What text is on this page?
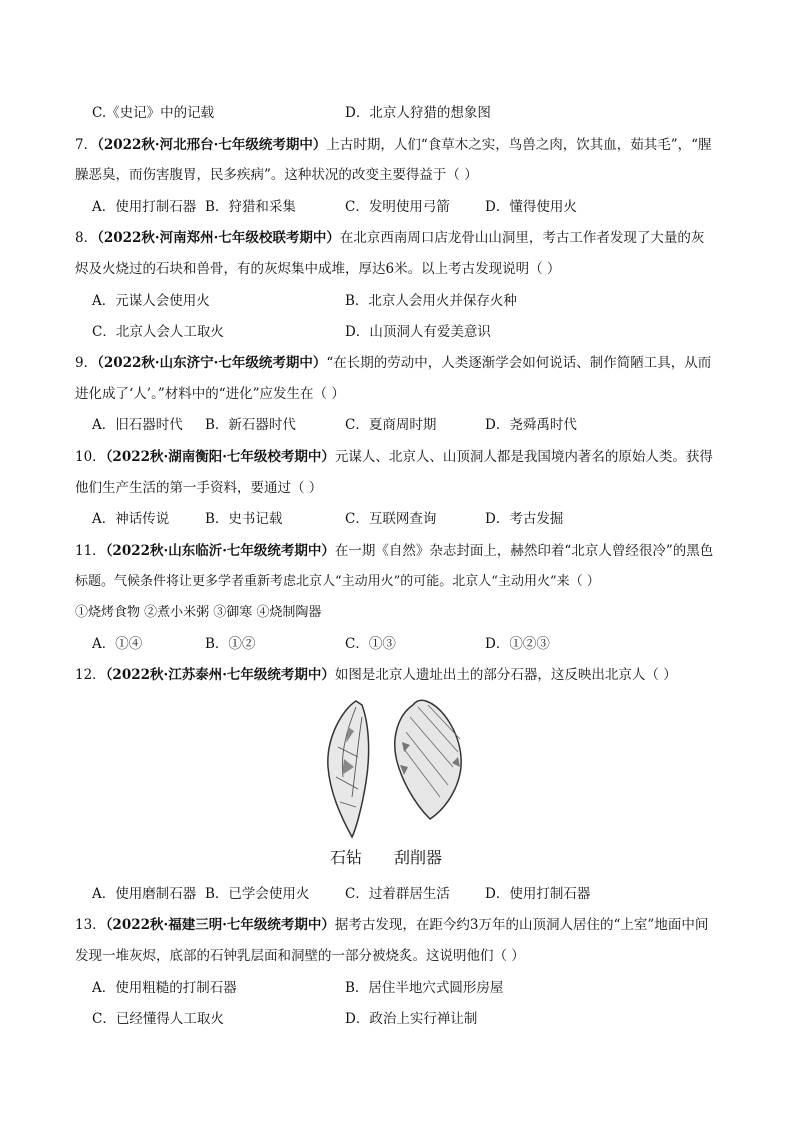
C.《史记》中的记载	D．北京人狩猎的想象图
7．（2022秋·河北邢台·七年级统考期中）上古时期，人们“食草木之实，鸟兽之肉，饮其血，茹其毛”，“腥
臊恶臭，而伤害腹胃，民多疾病”。这种状况的改变主要得益于（ ）
A．使用打制石器 B．狩猎和采集	C．发明使用弓箭	D．懂得使用火
8．（2022秋·河南郑州·七年级校联考期中）在北京西南周口店龙骨山山洞里，考古工作者发现了大量的灰
烬及火烧过的石块和兽骨，有的灰烬集中成堆，厚达6米。以上考古发现说明（ ）
A．元谋人会使用火	B．北京人会用火并保存火种
C．北京人会人工取火	D．山顶洞人有爱美意识
9．（2022秋·山东济宁·七年级统考期中）“在长期的劳动中，人类逐渐学会如何说话、制作简陋工具，从而
进化成了‘人’。”材料中的“进化”应发生在（ ）
A．旧石器时代 B．新石器时代	C．夏商周时期	D．尧舜禹时代
10．（2022秋·湖南衡阳·七年级校考期中）元谋人、北京人、山顶洞人都是我国境内著名的原始人类。获得
他们生产生活的第一手资料，要通过（ ）
A．神话传说	B．史书记载	C．互联网查询	D．考古发掘
11．（2022秋·山东临沂·七年级统考期中）在一期《自然》杂志封面上，赫然印着“北京人曾经很冷”的黑色
标题。气候条件将让更多学者重新考虑北京人“主动用火”的可能。北京人“主动用火”来（ ）
①烧烤食物 ②煮小米粥 ③御寒 ④烧制陶器
A．①④	B．①②	C．①③	D．①②③
12．（2022秋·江苏泰州·七年级统考期中）如图是北京人遗址出土的部分石器，这反映出北京人（ ）
石钻 刮削器
A．使用磨制石器 B．已学会使用火	C．过着群居生活	D．使用打制石器
13．（2022秋·福建三明·七年级统考期中）据考古发现，在距今约3万年的山顶洞人居住的“上室”地面中间
发现一堆灰烬，底部的石钟乳层面和洞壁的一部分被烧炙。这说明他们（ ）
A．使用粗糙的打制石器	B．居住半地穴式圆形房屋
C．已经懂得人工取火	D．政治上实行禅让制
